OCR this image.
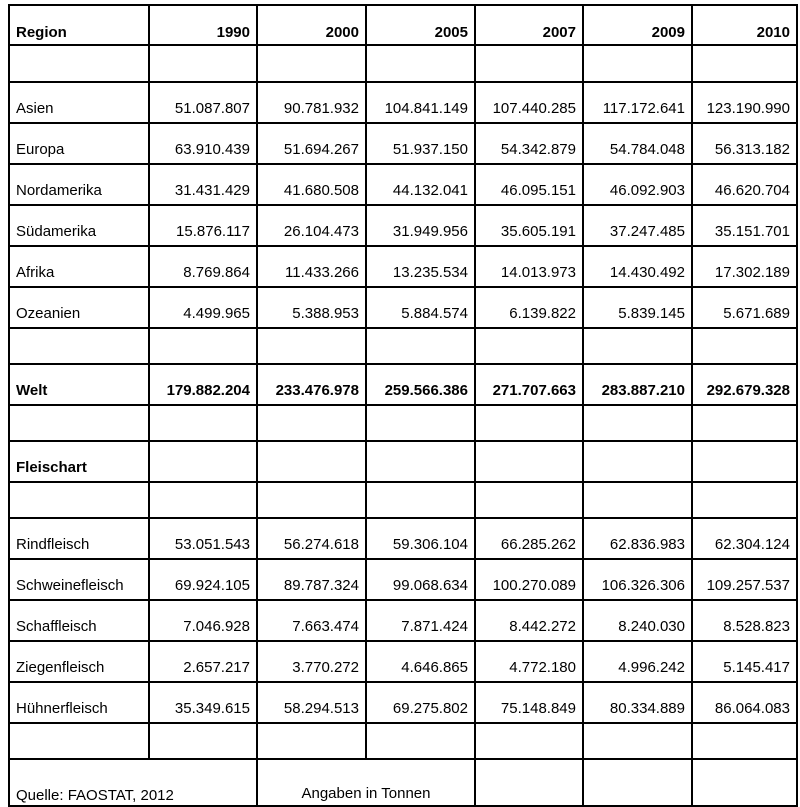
Region	1990	2000	2005	2007	2009	2010

Asien	51.087.807	90.781.932	104.841.149	107.440.285	117.172.641	123.190.990
Europa	63.910.439	51.694.267	51.937.150	54.342.879	54.784.048	56.313.182
Nordamerika	31.431.429	41.680.508	44.132.041	46.095.151	46.092.903	46.620.704
Südamerika	15.876.117	26.104.473	31.949.956	35.605.191	37.247.485	35.151.701
Afrika	8.769.864	11.433.266	13.235.534	14.013.973	14.430.492	17.302.189
Ozeanien	4.499.965	5.388.953	5.884.574	6.139.822	5.839.145	5.671.689

Welt	179.882.204	233.476.978	259.566.386	271.707.663	283.887.210	292.679.328

Fleischart						

Rindfleisch	53.051.543	56.274.618	59.306.104	66.285.262	62.836.983	62.304.124
Schweinefleisch	69.924.105	89.787.324	99.068.634	100.270.089	106.326.306	109.257.537
Schaffleisch	7.046.928	7.663.474	7.871.424	8.442.272	8.240.030	8.528.823
Ziegenfleisch	2.657.217	3.770.272	4.646.865	4.772.180	4.996.242	5.145.417
Hühnerfleisch	35.349.615	58.294.513	69.275.802	75.148.849	80.334.889	86.064.083

Quelle: FAOSTAT, 2012		Angaben in Tonnen				
